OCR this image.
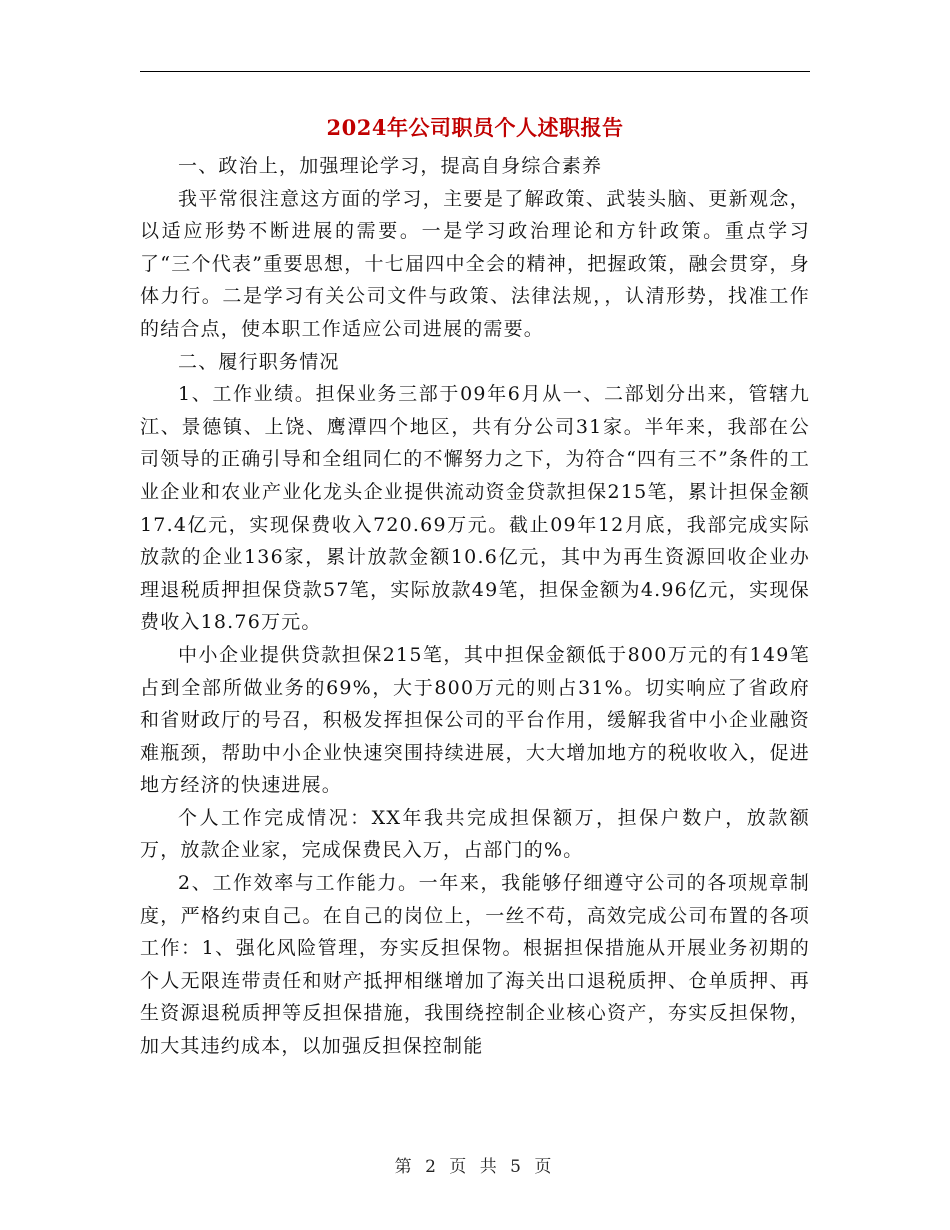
2024年公司职员个人述职报告

一、政治上，加强理论学习，提高自身综合素养

我平常很注意这方面的学习，主要是了解政策、武装头脑、更新观念，以适应形势不断进展的需要。一是学习政治理论和方针政策。重点学习了“三个代表”重要思想，十七届四中全会的精神，把握政策，融会贯穿，身体力行。二是学习有关公司文件与政策、法律法规，，认清形势，找准工作的结合点，使本职工作适应公司进展的需要。

二、履行职务情况

1、工作业绩。担保业务三部于09年6月从一、二部划分出来，管辖九江、景德镇、上饶、鹰潭四个地区，共有分公司31家。半年来，我部在公司领导的正确引导和全组同仁的不懈努力之下，为符合“四有三不”条件的工业企业和农业产业化龙头企业提供流动资金贷款担保215笔，累计担保金额17.4亿元，实现保费收入720.69万元。截止09年12月底，我部完成实际放款的企业136家，累计放款金额10.6亿元，其中为再生资源回收企业办理退税质押担保贷款57笔，实际放款49笔，担保金额为4.96亿元，实现保费收入18.76万元。

中小企业提供贷款担保215笔，其中担保金额低于800万元的有149笔占到全部所做业务的69%，大于800万元的则占31%。切实响应了省政府和省财政厅的号召，积极发挥担保公司的平台作用，缓解我省中小企业融资难瓶颈，帮助中小企业快速突围持续进展，大大增加地方的税收收入，促进地方经济的快速进展。

个人工作完成情况：XX年我共完成担保额万，担保户数户，放款额万，放款企业家，完成保费民入万，占部门的%。

2、工作效率与工作能力。一年来，我能够仔细遵守公司的各项规章制度，严格约束自己。在自己的岗位上，一丝不苟，高效完成公司布置的各项工作：1、强化风险管理，夯实反担保物。根据担保措施从开展业务初期的个人无限连带责任和财产抵押相继增加了海关出口退税质押、仓单质押、再生资源退税质押等反担保措施，我围绕控制企业核心资产，夯实反担保物，加大其违约成本，以加强反担保控制能

第 2 页 共 5 页
